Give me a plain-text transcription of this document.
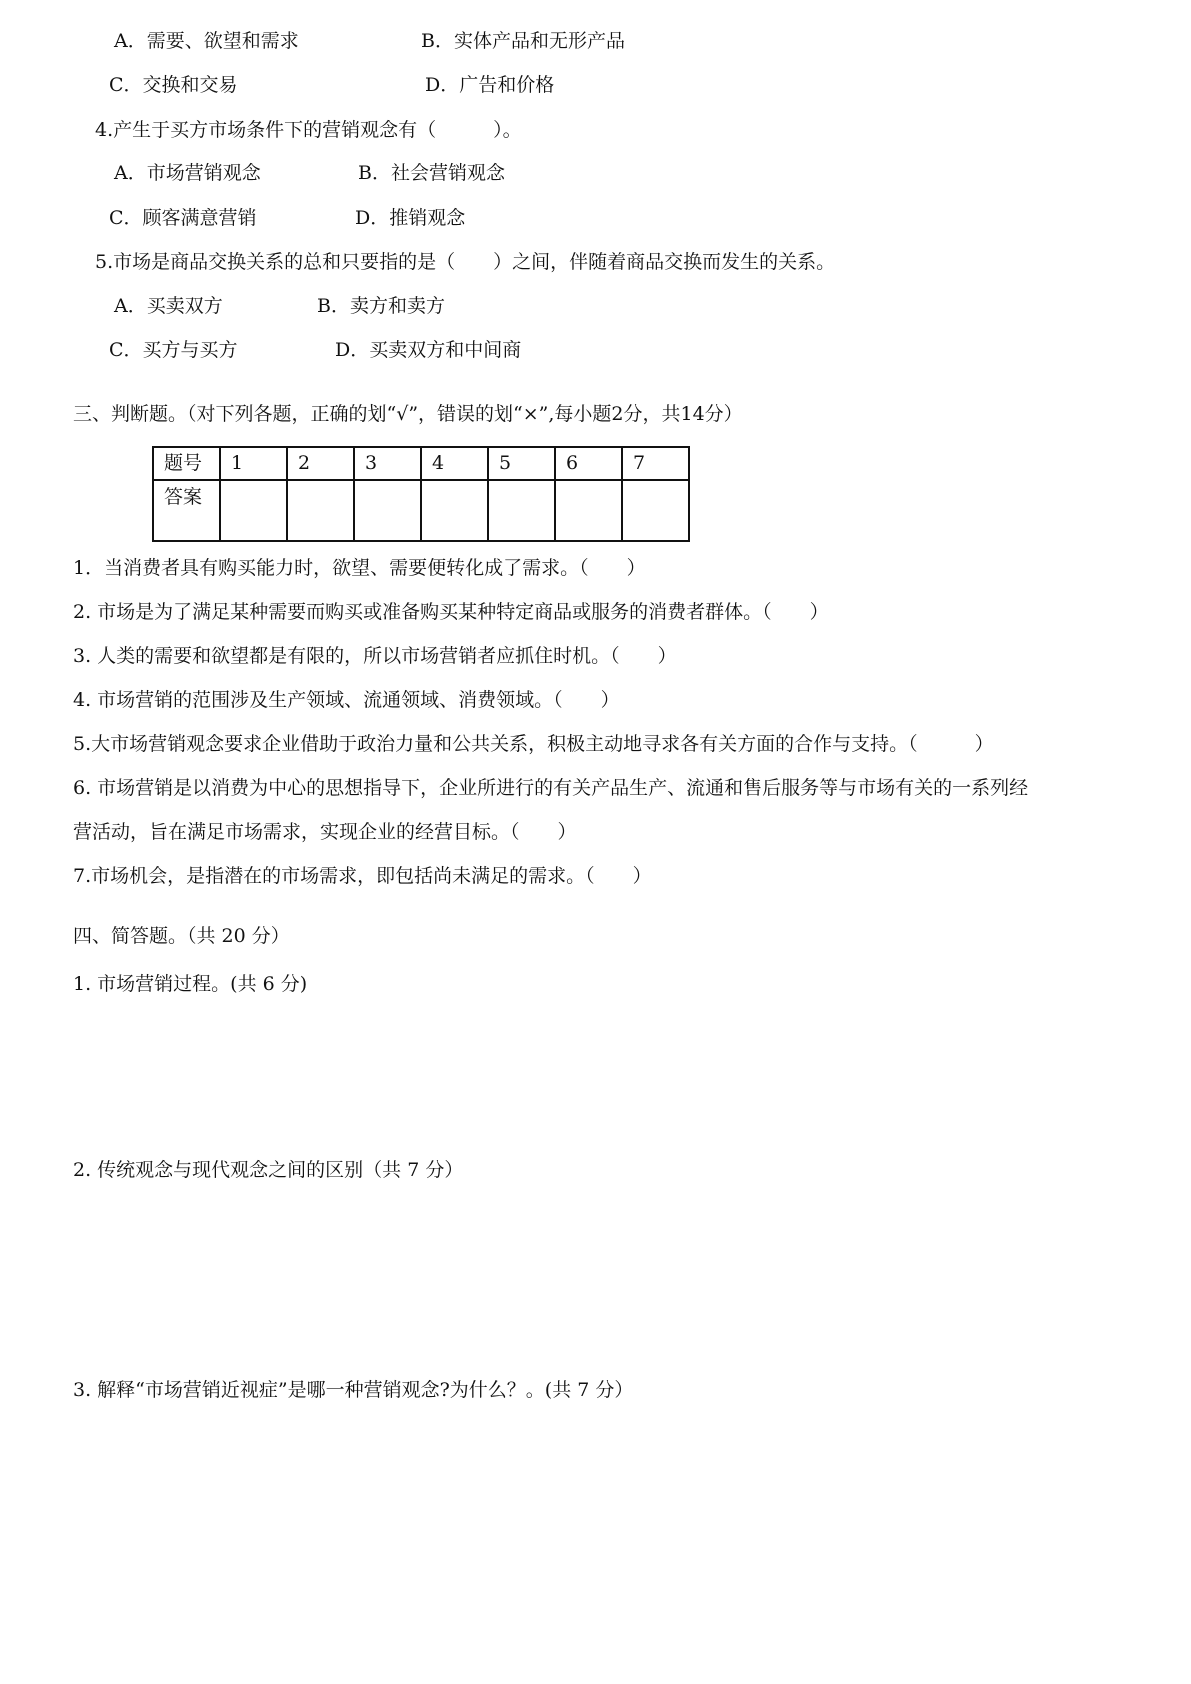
A．需要、欲望和需求	B．实体产品和无形产品
C．交换和交易	D．广告和价格
4.产生于买方市场条件下的营销观念有（　　　）。
A．市场营销观念	B．社会营销观念
C．顾客满意营销	D．推销观念
5.市场是商品交换关系的总和只要指的是（　　）之间，伴随着商品交换而发生的关系。
A．买卖双方	B．卖方和卖方
C．买方与买方	D．买卖双方和中间商
三、判断题。（对下列各题，正确的划“√”，错误的划“×”,每小题2分，共14分）
题号	1	2	3	4	5	6	7
答案							
1．当消费者具有购买能力时，欲望、需要便转化成了需求。（　　）
2. 市场是为了满足某种需要而购买或准备购买某种特定商品或服务的消费者群体。（　　）
3. 人类的需要和欲望都是有限的，所以市场营销者应抓住时机。（　　）
4. 市场营销的范围涉及生产领域、流通领域、消费领域。（　　）
5.大市场营销观念要求企业借助于政治力量和公共关系，积极主动地寻求各有关方面的合作与支持。（　　　）
6. 市场营销是以消费为中心的思想指导下，企业所进行的有关产品生产、流通和售后服务等与市场有关的一系列经
营活动，旨在满足市场需求，实现企业的经营目标。（　　）
7.市场机会，是指潜在的市场需求，即包括尚未满足的需求。（　　）
四、简答题。（共 20 分）
1. 市场营销过程。(共 6 分)
2. 传统观念与现代观念之间的区别（共 7 分）
3. 解释“市场营销近视症”是哪一种营销观念?为什么？。(共 7 分）
